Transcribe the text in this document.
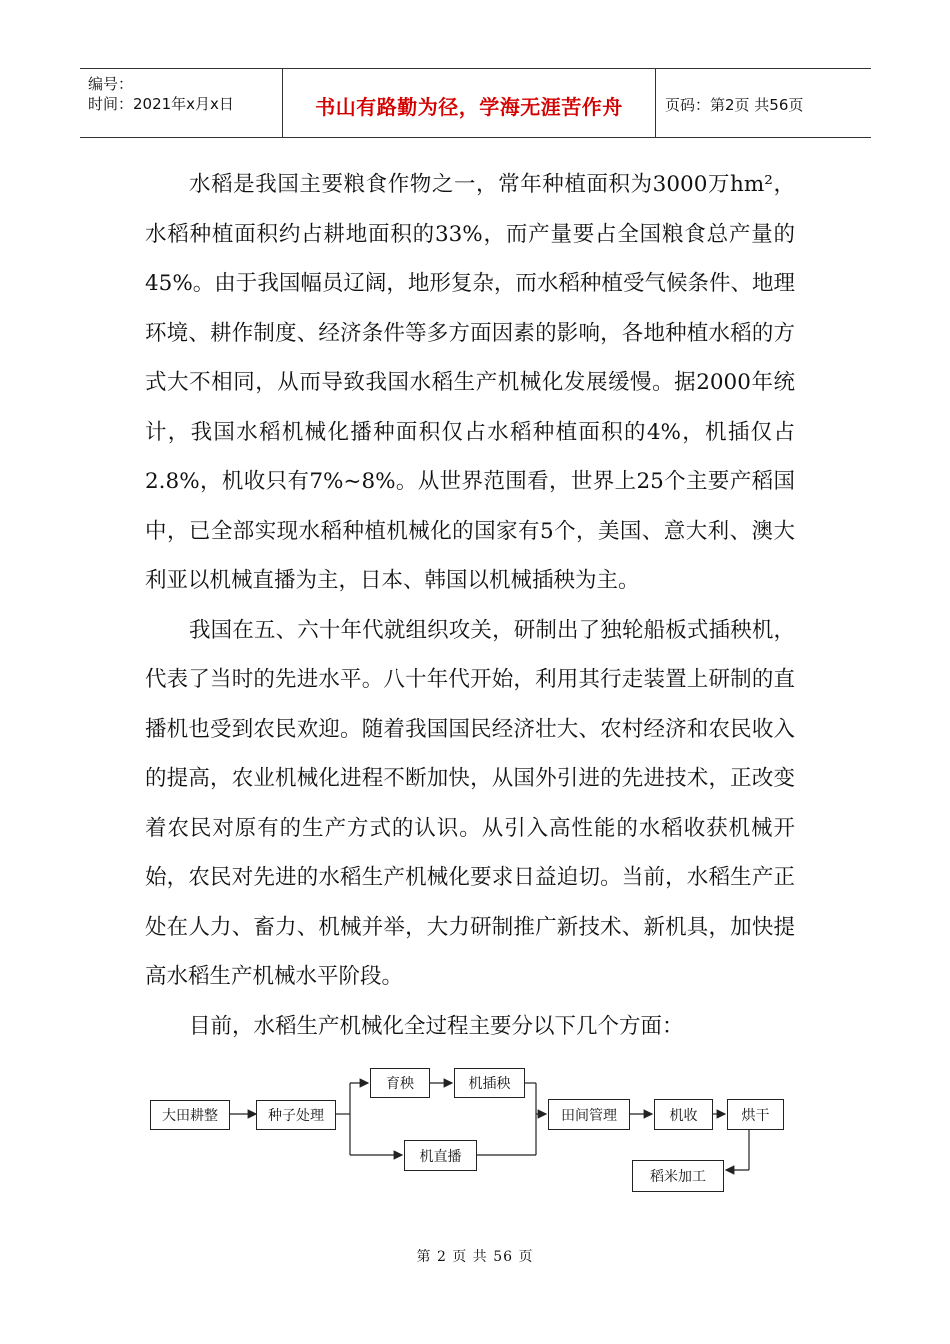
编号：
时间：2021年x月x日	书山有路勤为径，学海无涯苦作舟	页码：第2页 共56页

水稻是我国主要粮食作物之一，常年种植面积为3000万hm²，水稻种植面积约占耕地面积的33%，而产量要占全国粮食总产量的45%。由于我国幅员辽阔，地形复杂，而水稻种植受气候条件、地理环境、耕作制度、经济条件等多方面因素的影响，各地种植水稻的方式大不相同，从而导致我国水稻生产机械化发展缓慢。据2000年统计，我国水稻机械化播种面积仅占水稻种植面积的4%，机插仅占2.8%，机收只有7%~8%。从世界范围看，世界上25个主要产稻国中，已全部实现水稻种植机械化的国家有5个，美国、意大利、澳大利亚以机械直播为主，日本、韩国以机械插秧为主。

我国在五、六十年代就组织攻关，研制出了独轮船板式插秧机，代表了当时的先进水平。八十年代开始，利用其行走装置上研制的直播机也受到农民欢迎。随着我国国民经济壮大、农村经济和农民收入的提高，农业机械化进程不断加快，从国外引进的先进技术，正改变着农民对原有的生产方式的认识。从引入高性能的水稻收获机械开始，农民对先进的水稻生产机械化要求日益迫切。当前，水稻生产正处在人力、畜力、机械并举，大力研制推广新技术、新机具，加快提高水稻生产机械水平阶段。

目前，水稻生产机械化全过程主要分以下几个方面：

大田耕整	种子处理
育秧	机插秧
机直播
田间管理	机收	烘干
稻米加工
第 2 页 共 56 页
